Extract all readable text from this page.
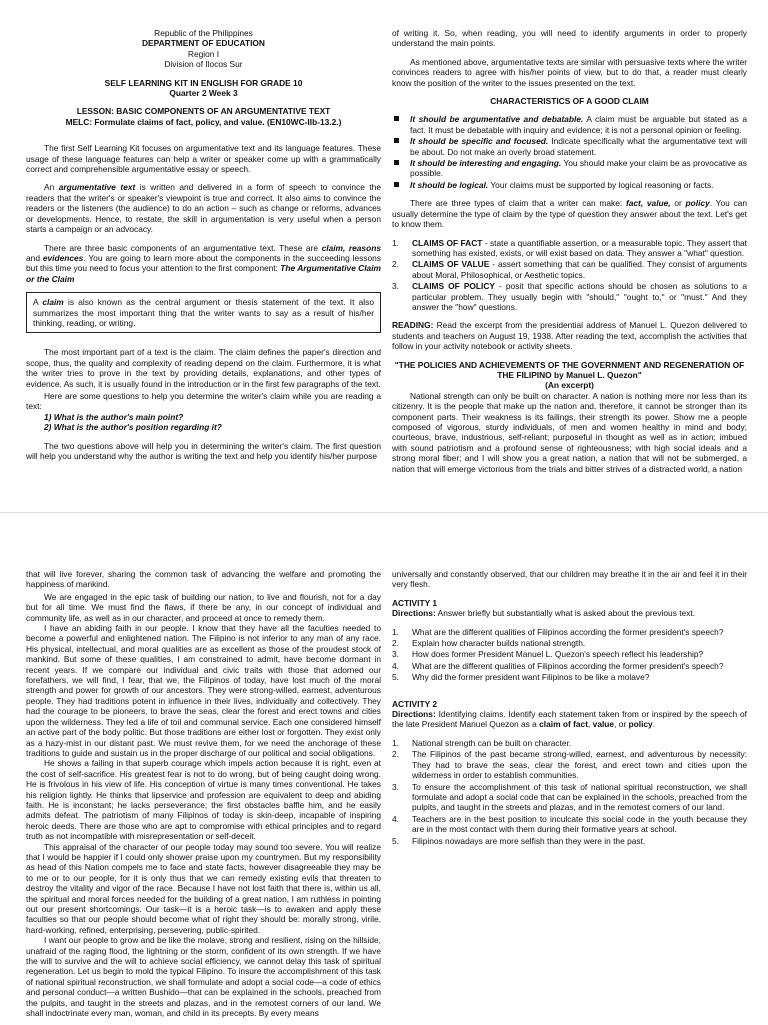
Republic of the Philippines

DEPARTMENT OF EDUCATION

Region I

Division of Ilocos Sur

SELF LEARNING KIT IN ENGLISH FOR GRADE 10

Quarter 2 Week 3

LESSON: BASIC COMPONENTS OF AN ARGUMENTATIVE TEXT

MELC: Formulate claims of fact, policy, and value. (EN10WC-IIb-13.2.)

The first Self Learning Kit focuses on argumentative text and its language features. These usage of these language features can help a writer or speaker come up with a grammatically correct and comprehensible argumentative essay or speech.

An argumentative text is written and delivered in a form of speech to convince the readers that the writer's or speaker's viewpoint is true and correct. It also aims to convince the readers or the listeners (the audience) to do an action – such as change or reforms, advances or developments. Hence, to restate, the skill in argumentation is very useful when a person starts a campaign or an advocacy.

There are three basic components of an argumentative text. These are claim, reasons and evidences. You are going to learn more about the components in the succeeding lessons but this time you need to focus your attention to the first component: The Argumentative Claim or the Claim

A claim is also known as the central argument or thesis statement of the text. It also summarizes the most important thing that the writer wants to say as a result of his/her thinking, reading, or writing.

The most important part of a text is the claim. The claim defines the paper's direction and scope, thus, the quality and complexity of reading depend on the claim. Furthermore, it is what the writer tries to prove in the text by providing details, explanations, and other types of evidence. As such, it is usually found in the introduction or in the first few paragraphs of the text.

Here are some questions to help you determine the writer's claim while you are reading a text:

1) What is the author's main point?

2) What is the author's position regarding it?

The two questions above will help you in determining the writer's claim. The first question will help you understand why the author is writing the text and help you identify his/her purpose

of writing it. So, when reading, you will need to identify arguments in order to properly understand the main points.

As mentioned above, argumentative texts are similar with persuasive texts where the writer convinces readers to agree with his/her points of view, but to do that, a reader must clearly know the position of the writer to the issues presented on the text.

CHARACTERISTICS OF A GOOD CLAIM

It should be argumentative and debatable. A claim must be arguable but stated as a fact. It must be debatable with inquiry and evidence; it is not a personal opinion or feeling.
It should be specific and focused. Indicate specifically what the argumentative text will be about. Do not make an overly broad statement.
It should be interesting and engaging. You should make your claim be as provocative as possible.
It should be logical. Your claims must be supported by logical reasoning or facts.

There are three types of claim that a writer can make: fact, value, or policy. You can usually determine the type of claim by the type of question they answer about the text. Let's get to know them.

1. CLAIMS OF FACT - state a quantifiable assertion, or a measurable topic. They assert that something has existed, exists, or will exist based on data. They answer a "what" question.
2. CLAIMS OF VALUE - assert something that can be qualified. They consist of arguments about Moral, Philosophical, or Aesthetic topics.
3. CLAIMS OF POLICY - posit that specific actions should be chosen as solutions to a particular problem. They usually begin with "should," "ought to," or "must." And they answer the "how" questions.

READING: Read the excerpt from the presidential address of Manuel L. Quezon delivered to students and teachers on August 19, 1938. After reading the text, accomplish the activities that follow in your activity notebook or activity sheets.

"THE POLICIES AND ACHIEVEMENTS OF THE GOVERNMENT AND REGENERATION OF THE FILIPINO by Manuel L. Quezon"

(An excerpt)

National strength can only be built on character. A nation is nothing more nor less than its citizenry. It is the people that make up the nation and, therefore, it cannot be stronger than its component parts. Their weakness is its failings, their strength its power. Show me a people composed of vigorous, sturdy individuals, of men and women healthy in mind and body; courteous, brave, industrious, self-reliant; purposeful in thought as well as in action; imbued with sound patriotism and a profound sense of righteousness; with high social ideals and a strong moral fiber; and I will show you a great nation, a nation that will not be submerged, a nation that will emerge victorious from the trials and bitter strives of a distracted world, a nation

that will live forever, sharing the common task of advancing the welfare and promoting the happiness of mankind.

We are engaged in the epic task of building our nation, to live and flourish, not for a day but for all time. We must find the flaws, if there be any, in our concept of individual and community life, as well as in our character, and proceed at once to remedy them.

I have an abiding faith in our people. I know that they have all the faculties needed to become a powerful and enlightened nation. The Filipino is not inferior to any man of any race. His physical, intellectual, and moral qualities are as excellent as those of the proudest stock of mankind. But some of these qualities, I am constrained to admit, have become dormant in recent years. If we compare our individual and civic traits with those that adorned our forefathers, we will find, I fear, that we, the Filipinos of today, have lost much of the moral strength and power for growth of our ancestors. They were strong-willed, earnest, adventurous people. They had traditions potent in influence in their lives, individually and collectively. They had the courage to be pioneers, to brave the seas, clear the forest and erect towns and cities upon the wilderness. They led a life of toil and communal service. Each one considered himself an active part of the body politic. But those traditions are either lost or forgotten. They exist only as a hazy-mist in our distant past. We must revive them, for we need the anchorage of these traditions to guide and sustain us in the proper discharge of our political and social obligations.

He shows a failing in that superb courage which impels action because it is right, even at the cost of self-sacrifice. His greatest fear is not to do wrong, but of being caught doing wrong. He is frivolous in his view of life. His conception of virtue is many times conventional. He takes his religion lightly. He thinks that lipservice and profession are equivalent to deep and abiding faith. He is inconstant; he lacks perseverance; the first obstacles baffle him, and he easily admits defeat. The patriotism of many Filipinos of today is skin-deep, incapable of inspiring heroic deeds. There are those who are apt to compromise with ethical principles and to regard truth as not incompatible with misrepresentation or self-deceit.

This appraisal of the character of our people today may sound too severe. You will realize that I would be happier if I could only shower praise upon my countrymen. But my responsibility as head of this Nation compels me to face and state facts, however disagreeable they may be to me or to our people, for it is only thus that we can remedy existing evils that threaten to destroy the vitality and vigor of the race. Because I have not lost faith that there is, within us all, the spiritual and moral forces needed for the building of a great nation, I am ruthless in pointing out our present shortcomings. Our task—it is a heroic task—is to awaken and apply these faculties so that our people should become what of right they should be: morally strong, virile, hard-working, refined, enterprising, persevering, public-spirited.

I want our people to grow and be like the molave, strong and resilient, rising on the hillside, unafraid of the raging flood, the lightning or the storm, confident of its own strength. If we have the will to survive and the will to achieve social efficiency, we cannot delay this task of spiritual regeneration. Let us begin to mold the typical Filipino. To insure the accomplishment of this task of national spiritual reconstruction, we shall formulate and adopt a social code—a code of ethics and personal conduct—a written Bushido—that can be explained in the schools, preached from the pulpits, and taught in the streets and plazas, and in the remotest corners of our land. We shall indoctrinate every man, woman, and child in its precepts. By every means

universally and constantly observed, that our children may breathe it in the air and feel it in their very flesh.

ACTIVITY 1

Directions: Answer briefly but substantially what is asked about the previous text.

1. What are the different qualities of Filipinos according the former president's speech?
2. Explain how character builds national strength.
3. How does former President Manuel L. Quezon's speech reflect his leadership?
4. What are the different qualities of Filipinos according the former president's speech?
5. Why did the former president want Filipinos to be like a molave?

ACTIVITY 2

Directions: Identifying claims. Identify each statement taken from or inspired by the speech of the late President Manuel Quezon as a claim of fact, value, or policy.

1. National strength can be built on character.
2. The Filipinos of the past became strong-willed, earnest, and adventurous by necessity: They had to brave the seas, clear the forest, and erect town and cities upon the wilderness in order to establish communities.
3. To ensure the accomplishment of this task of national spiritual reconstruction, we shall formulate and adopt a social code that can be explained in the schools, preached from the pulpits, and taught in the streets and plazas, and in the remotest corners of our land.
4. Teachers are in the best position to inculcate this social code in the youth because they are in the most contact with them during their formative years at school.
5. Filipinos nowadays are more selfish than they were in the past.
